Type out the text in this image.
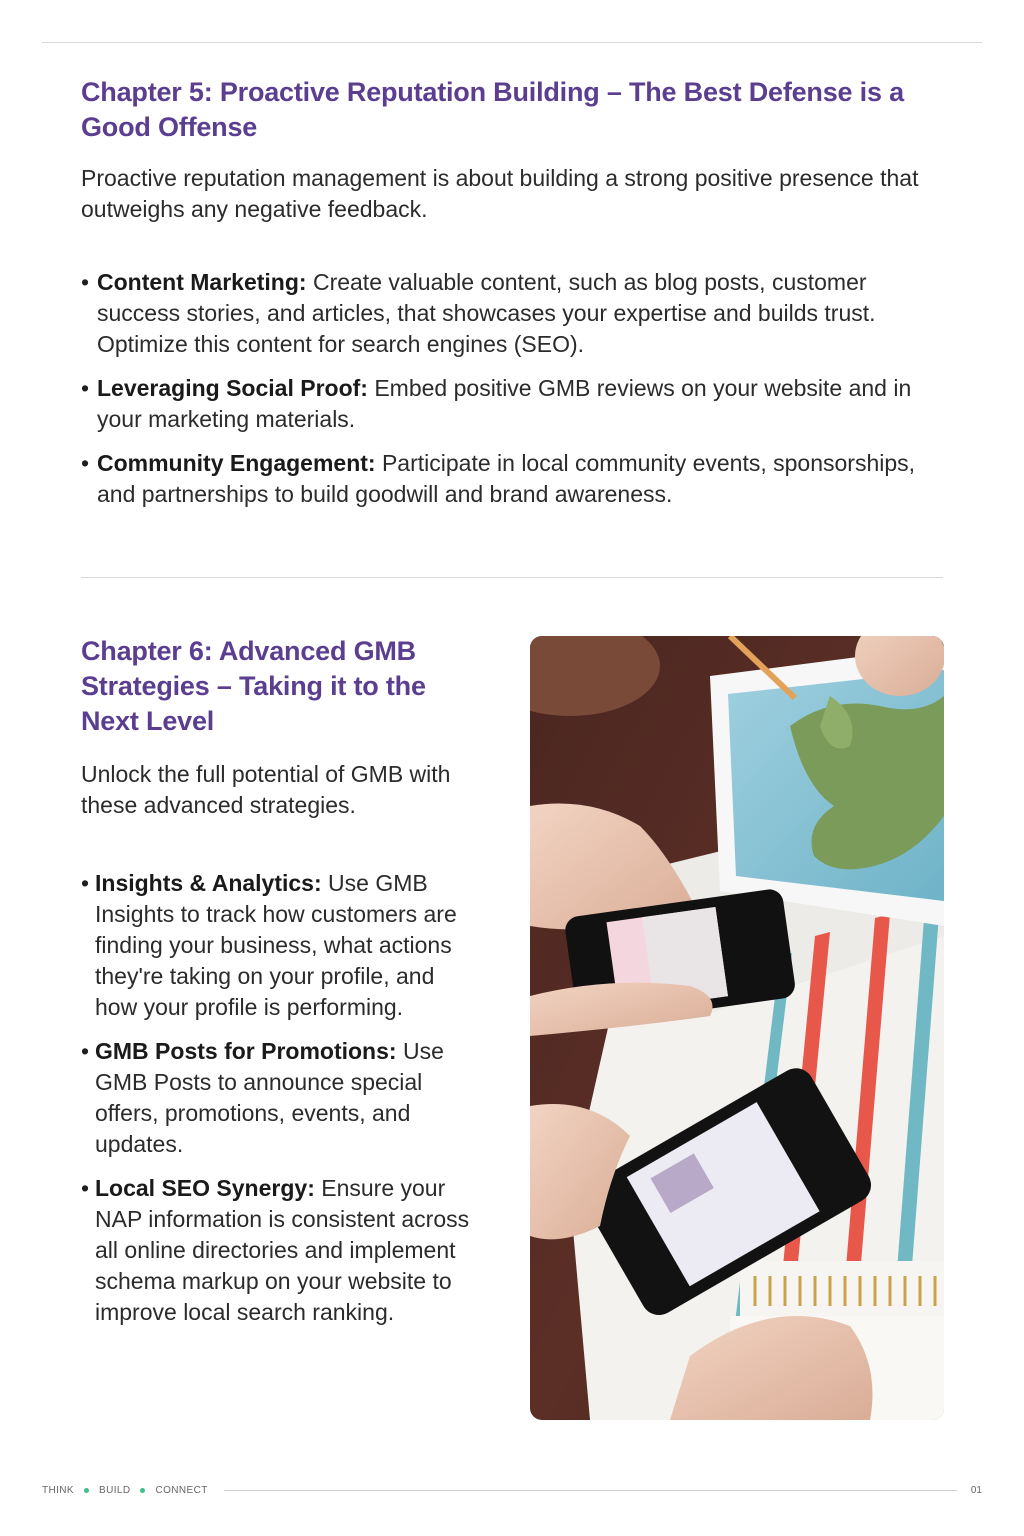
Chapter 5: Proactive Reputation Building – The Best Defense is a Good Offense

Proactive reputation management is about building a strong positive presence that outweighs any negative feedback.

• Content Marketing: Create valuable content, such as blog posts, customer success stories, and articles, that showcases your expertise and builds trust. Optimize this content for search engines (SEO).
• Leveraging Social Proof: Embed positive GMB reviews on your website and in your marketing materials.
• Community Engagement: Participate in local community events, sponsorships, and partnerships to build goodwill and brand awareness.
Chapter 6: Advanced GMB Strategies – Taking it to the Next Level

Unlock the full potential of GMB with these advanced strategies.

• Insights & Analytics: Use GMB Insights to track how customers are finding your business, what actions they're taking on your profile, and how your profile is performing.
• GMB Posts for Promotions: Use GMB Posts to announce special offers, promotions, events, and updates.
• Local SEO Synergy: Ensure your NAP information is consistent across all online directories and implement schema markup on your website to improve local search ranking.
THINK	BUILD	CONNECT	01
